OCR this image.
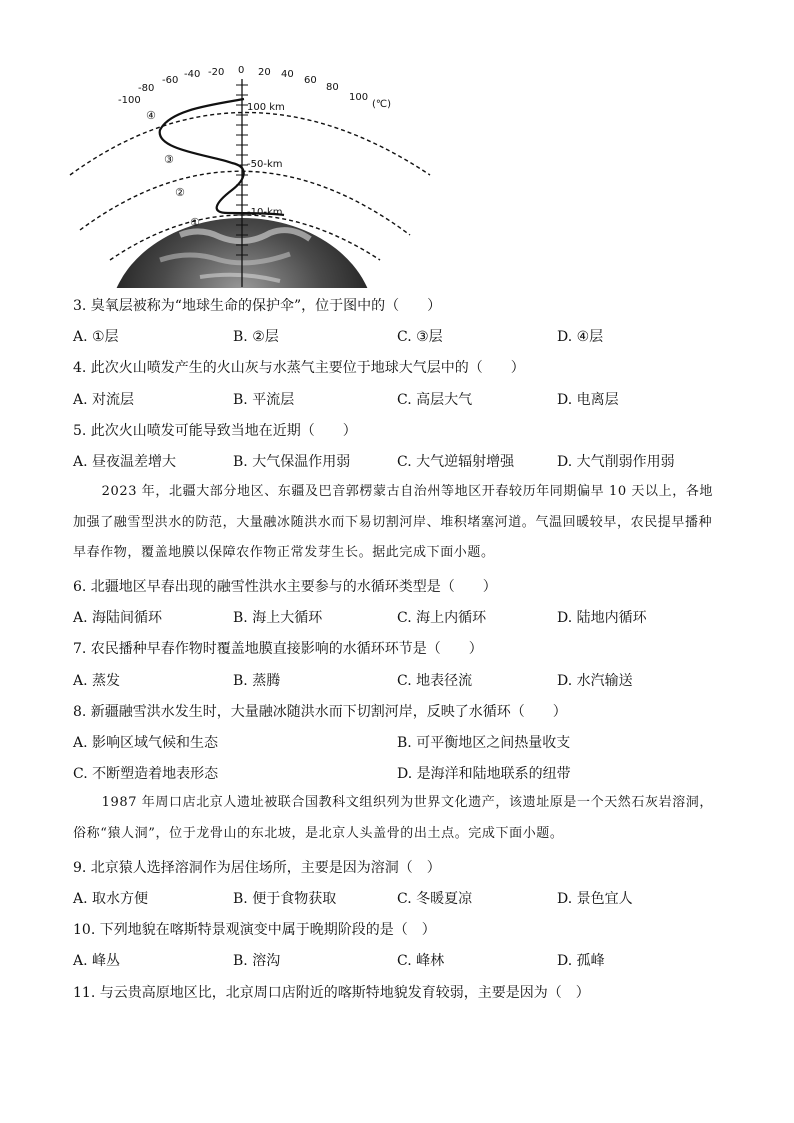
-100
-80
-60
-40 -20 0 20 40
60
80
100
(℃)
100 km
-50-km
-10-km
④
③
②
①
3. 臭氧层被称为“地球生命的保护伞”，位于图中的（　　）
A. ①层	B. ②层	C. ③层	D. ④层
4. 此次火山喷发产生的火山灰与水蒸气主要位于地球大气层中的（　　）
A. 对流层	B. 平流层	C. 高层大气	D. 电离层
5. 此次火山喷发可能导致当地在近期（　　）
A. 昼夜温差增大	B. 大气保温作用弱	C. 大气逆辐射增强	D. 大气削弱作用弱
2023 年，北疆大部分地区、东疆及巴音郭楞蒙古自治州等地区开春较历年同期偏早 10 天以上，各地加强了融雪型洪水的防范，大量融冰随洪水而下易切割河岸、堆积堵塞河道。气温回暖较早，农民提早播种早春作物，覆盖地膜以保障农作物正常发芽生长。据此完成下面小题。
6. 北疆地区早春出现的融雪性洪水主要参与的水循环类型是（　　）
A. 海陆间循环	B. 海上大循环	C. 海上内循环	D. 陆地内循环
7. 农民播种早春作物时覆盖地膜直接影响的水循环环节是（　　）
A. 蒸发	B. 蒸腾	C. 地表径流	D. 水汽输送
8. 新疆融雪洪水发生时，大量融冰随洪水而下切割河岸，反映了水循环（　　）
A. 影响区域气候和生态	B. 可平衡地区之间热量收支
C. 不断塑造着地表形态	D. 是海洋和陆地联系的纽带
1987 年周口店北京人遗址被联合国教科文组织列为世界文化遗产，该遗址原是一个天然石灰岩溶洞，俗称“猿人洞”，位于龙骨山的东北坡，是北京人头盖骨的出土点。完成下面小题。
9. 北京猿人选择溶洞作为居住场所，主要是因为溶洞（　）
A. 取水方便	B. 便于食物获取	C. 冬暖夏凉	D. 景色宜人
10. 下列地貌在喀斯特景观演变中属于晚期阶段的是（　）
A. 峰丛	B. 溶沟	C. 峰林	D. 孤峰
11. 与云贵高原地区比，北京周口店附近的喀斯特地貌发育较弱，主要是因为（　）
